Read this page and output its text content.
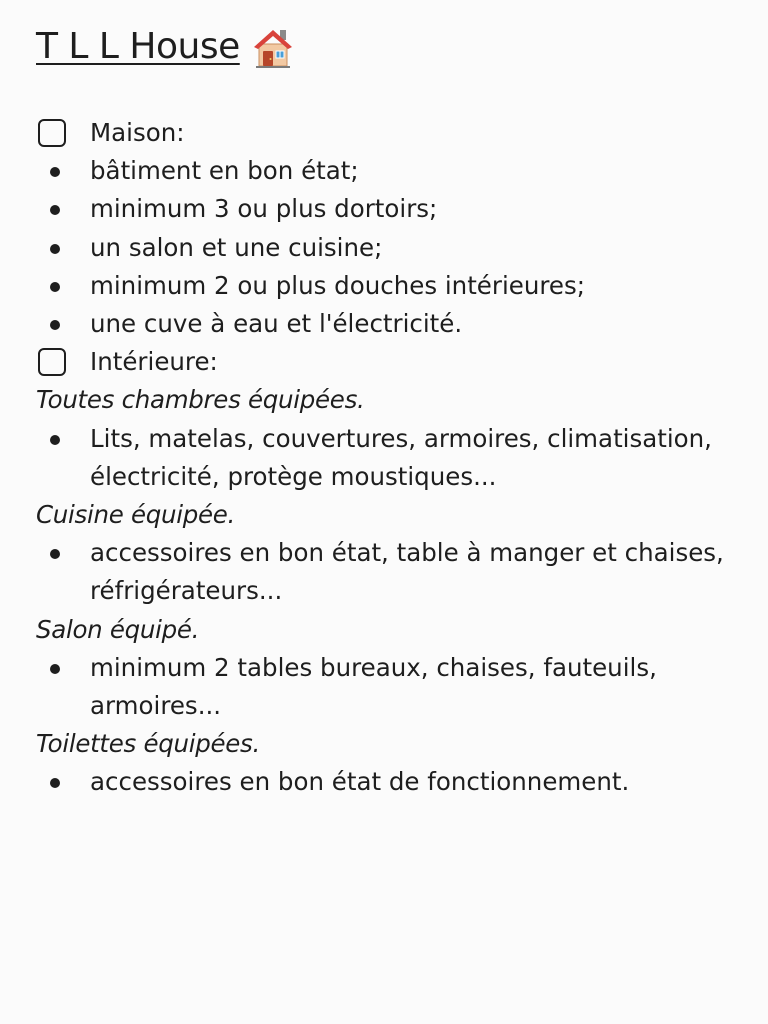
T L L House
Maison:
bâtiment en bon état;
minimum 3 ou plus dortoirs;
un salon et une cuisine;
minimum 2 ou plus douches intérieures;
une cuve à eau et l'électricité.
Intérieure:
Toutes chambres équipées.
Lits, matelas, couvertures, armoires, climatisation, électricité, protège moustiques...
Cuisine équipée.
accessoires en bon état, table à manger et chaises, réfrigérateurs...
Salon équipé.
minimum 2 tables bureaux, chaises, fauteuils, armoires...
Toilettes équipées.
accessoires en bon état de fonctionnement.
